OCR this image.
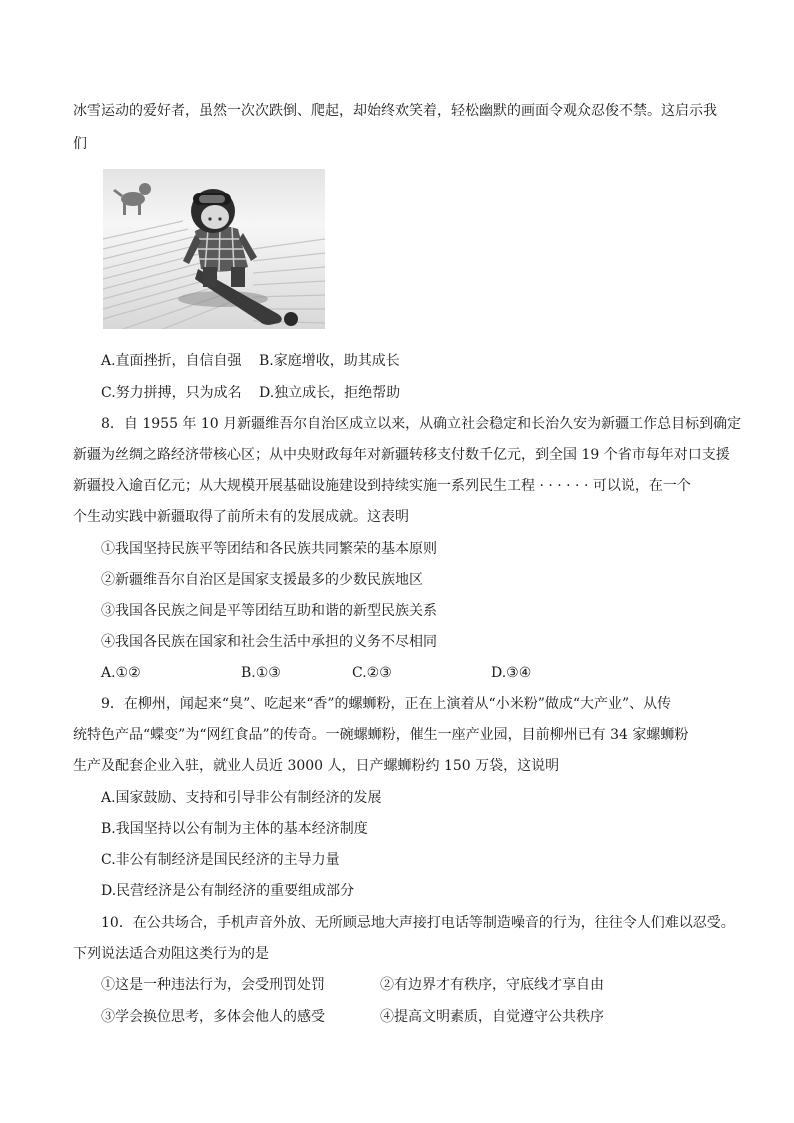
冰雪运动的爱好者，虽然一次次跌倒、爬起，却始终欢笑着，轻松幽默的画面令观众忍俊不禁。这启示我
们
A.直面挫折，自信自强 B.家庭增收，助其成长
C.努力拼搏，只为成名 D.独立成长，拒绝帮助
8．自 1955 年 10 月新疆维吾尔自治区成立以来，从确立社会稳定和长治久安为新疆工作总目标到确定
新疆为丝绸之路经济带核心区；从中央财政每年对新疆转移支付数千亿元，到全国 19 个省市每年对口支援
新疆投入逾百亿元；从大规模开展基础设施建设到持续实施一系列民生工程 · · · · · · 可以说，在一个
个生动实践中新疆取得了前所未有的发展成就。这表明
①我国坚持民族平等团结和各民族共同繁荣的基本原则
②新疆维吾尔自治区是国家支援最多的少数民族地区
③我国各民族之间是平等团结互助和谐的新型民族关系
④我国各民族在国家和社会生活中承担的义务不尽相同
A.①②	B.①③	C.②③	D.③④
9．在柳州，闻起来“臭”、吃起来“香”的螺蛳粉，正在上演着从“小米粉”做成“大产业”、从传
统特色产品“蝶变”为“网红食品”的传奇。一碗螺蛳粉，催生一座产业园，目前柳州已有 34 家螺蛳粉
生产及配套企业入驻，就业人员近 3000 人，日产螺蛳粉约 150 万袋，这说明
A.国家鼓励、支持和引导非公有制经济的发展
B.我国坚持以公有制为主体的基本经济制度
C.非公有制经济是国民经济的主导力量
D.民营经济是公有制经济的重要组成部分
10．在公共场合，手机声音外放、无所顾忌地大声接打电话等制造噪音的行为，往往令人们难以忍受。
下列说法适合劝阻这类行为的是
①这是一种违法行为，会受刑罚处罚	②有边界才有秩序，守底线才享自由
③学会换位思考，多体会他人的感受	④提高文明素质，自觉遵守公共秩序
